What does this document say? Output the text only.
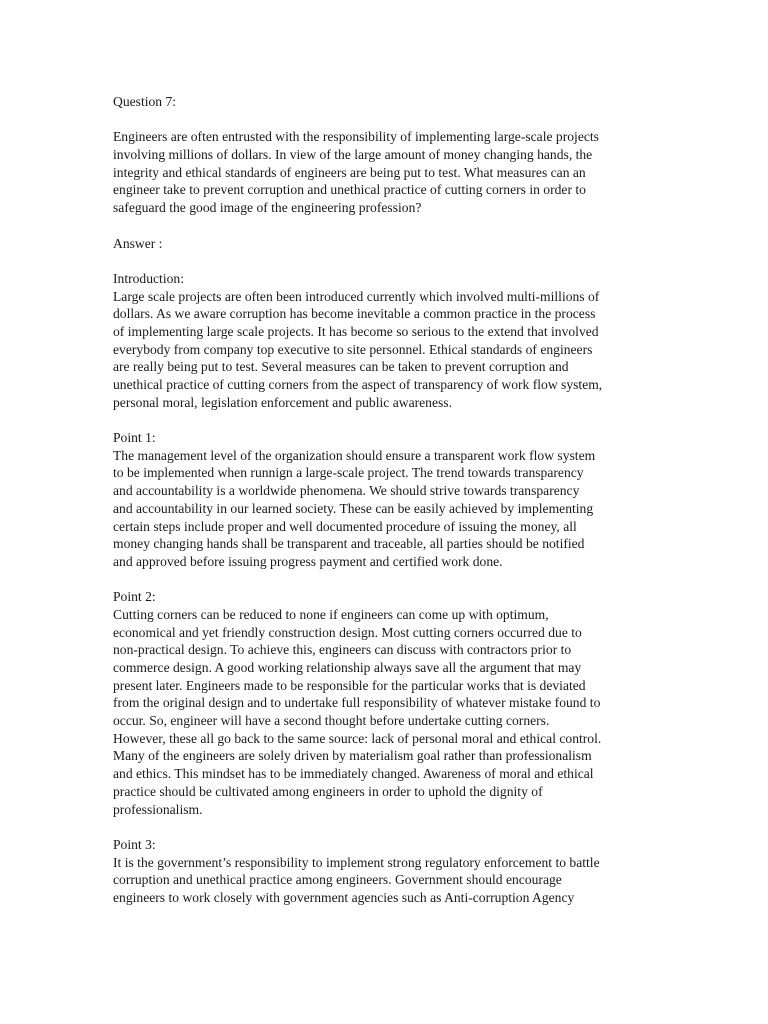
Question 7:
Engineers are often entrusted with the responsibility of implementing large-scale projects
involving millions of dollars. In view of the large amount of money changing hands, the
integrity and ethical standards of engineers are being put to test. What measures can an
engineer take to prevent corruption and unethical practice of cutting corners in order to
safeguard the good image of the engineering profession?
Answer :
Introduction:
Large scale projects are often been introduced currently which involved multi-millions of
dollars. As we aware corruption has become inevitable a common practice in the process
of implementing large scale projects. It has become so serious to the extend that involved
everybody from company top executive to site personnel. Ethical standards of engineers
are really being put to test. Several measures can be taken to prevent corruption and
unethical practice of cutting corners from the aspect of transparency of work flow system,
personal moral, legislation enforcement and public awareness.
Point 1:
The management level of the organization should ensure a transparent work flow system
to be implemented when runnign a large-scale project. The trend towards transparency
and accountability is a worldwide phenomena. We should strive towards transparency
and accountability in our learned society. These can be easily achieved by implementing
certain steps include proper and well documented procedure of issuing the money, all
money changing hands shall be transparent and traceable, all parties should be notified
and approved before issuing progress payment and certified work done.
Point 2:
Cutting corners can be reduced to none if engineers can come up with optimum,
economical and yet friendly construction design. Most cutting corners occurred due to
non-practical design. To achieve this, engineers can discuss with contractors prior to
commerce design. A good working relationship always save all the argument that may
present later. Engineers made to be responsible for the particular works that is deviated
from the original design and to undertake full responsibility of whatever mistake found to
occur. So, engineer will have a second thought before undertake cutting corners.
However, these all go back to the same source: lack of personal moral and ethical control.
Many of the engineers are solely driven by materialism goal rather than professionalism
and ethics. This mindset has to be immediately changed. Awareness of moral and ethical
practice should be cultivated among engineers in order to uphold the dignity of
professionalism.
Point 3:
It is the government’s responsibility to implement strong regulatory enforcement to battle
corruption and unethical practice among engineers. Government should encourage
engineers to work closely with government agencies such as Anti-corruption Agency
